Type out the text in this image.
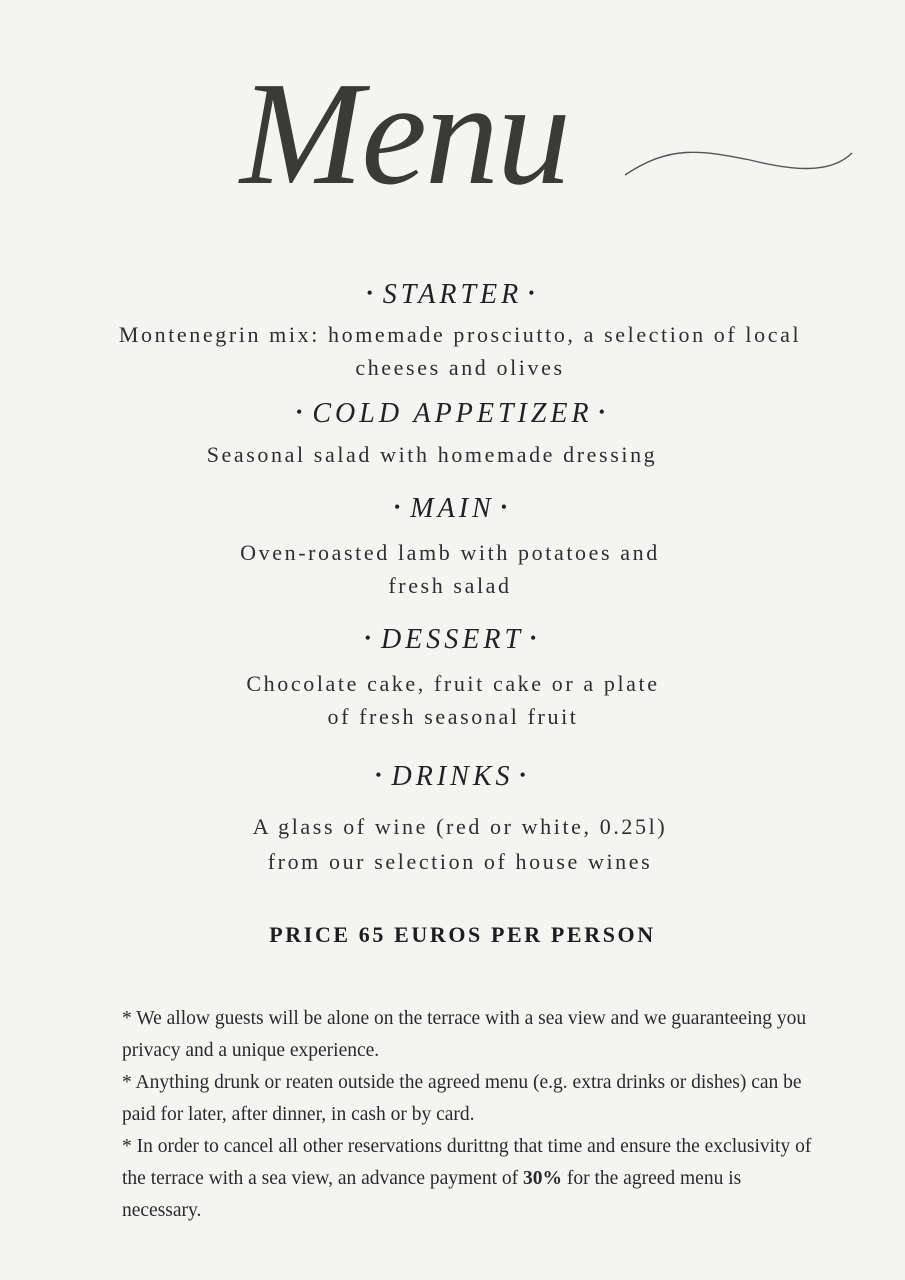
Menu
• STARTER •
Montenegrin mix: homemade prosciutto, a selection of local
cheeses and olives
• COLD APPETIZER •
Seasonal salad with homemade dressing
• MAIN •
Oven-roasted lamb with potatoes and
fresh salad
• DESSERT •
Chocolate cake, fruit cake or a plate
of fresh seasonal fruit
• DRINKS •
A glass of wine (red or white, 0.25l)
from our selection of house wines
PRICE 65 EUROS PER PERSON

* We allow guests will be alone on the terrace with a sea view and we guaranteeing you privacy and a unique experience.

* Anything drunk or reaten outside the agreed menu (e.g. extra drinks or dishes) can be paid for later, after dinner, in cash or by card.

* In order to cancel all other reservations durittng that time and ensure the exclusivity of the terrace with a sea view, an advance payment of 30% for the agreed menu is necessary.
